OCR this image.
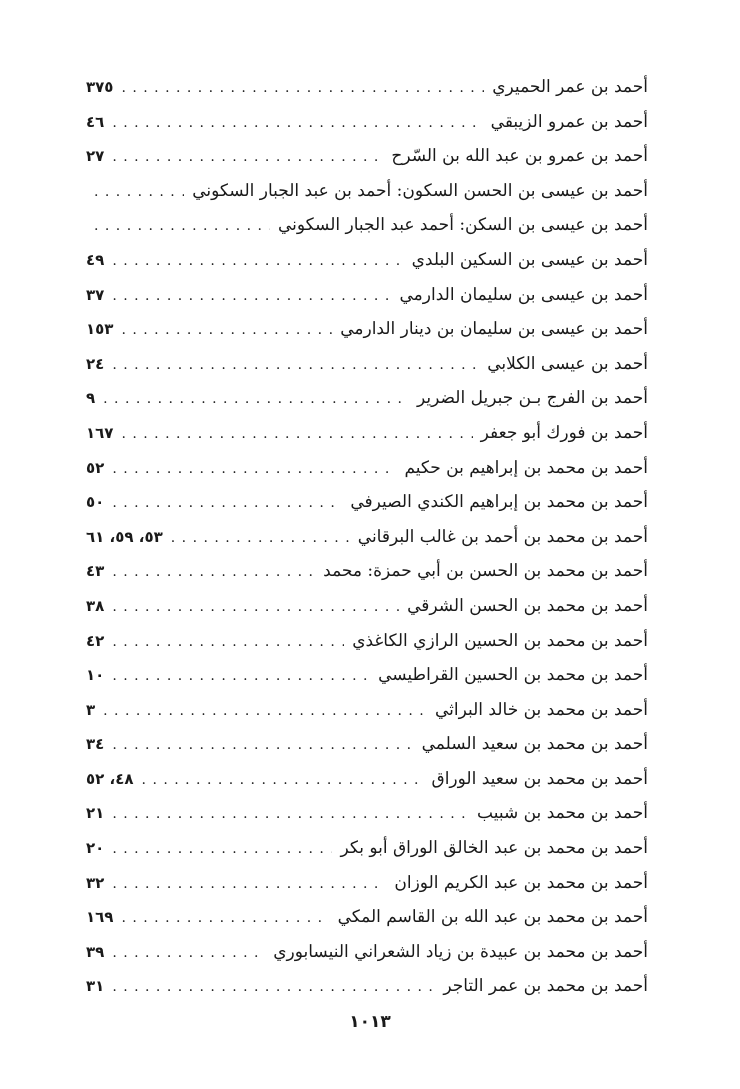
أحمد بن عمر الحميري
. . .
٣٧٥
أحمد بن عمرو الزيبقي
. . .
٤٦
أحمد بن عمرو بن عبد الله بن السّرح
. . .
٢٧
أحمد بن عيسى بن الحسن السكون: أحمد بن عبد الجبار السكوني
. . .
أحمد بن عيسى بن السكن: أحمد عبد الجبار السكوني
. . .
أحمد بن عيسى بن السكين البلدي
. . .
٤٩
أحمد بن عيسى بن سليمان الدارمي
. . .
٣٧
أحمد بن عيسى بن سليمان بن دينار الدارمي
. . .
١٥٣
أحمد بن عيسى الكلابي
. . .
٢٤
أحمد بن الفرج بـن جبريل الضرير
. . .
٩
أحمد بن فورك أبو جعفر
. . .
١٦٧
أحمد بن محمد بن إبراهيم بن حكيم
. . .
٥٢
أحمد بن محمد بن إبراهيم الكندي الصيرفي
. . .
٥٠
أحمد بن محمد بن أحمد بن غالب البرقاني
. . .
٥٣، ٥٩، ٦١
أحمد بن محمد بن الحسن بن أبي حمزة: محمد
. . .
٤٣
أحمد بن محمد بن الحسن الشرقي
. . .
٣٨
أحمد بن محمد بن الحسين الرازي الكاغذي
. . .
٤٢
أحمد بن محمد بن الحسين القراطيسي
. . .
١٠
أحمد بن محمد بن خالد البراثي
. . .
٣
أحمد بن محمد بن سعيد السلمي
. . .
٣٤
أحمد بن محمد بن سعيد الوراق
. . .
٤٨، ٥٢
أحمد بن محمد بن شبيب
. . .
٢١
أحمد بن محمد بن عبد الخالق الوراق أبو بكر
. . .
٢٠
أحمد بن محمد بن عبد الكريم الوزان
. . .
٣٢
أحمد بن محمد بن عبد الله بن القاسم المكي
. . .
١٦٩
أحمد بن محمد بن عبيدة بن زياد الشعراني النيسابوري
. . .
٣٩
أحمد بن محمد بن عمر التاجر
. . .
٣١
١٠١٣
